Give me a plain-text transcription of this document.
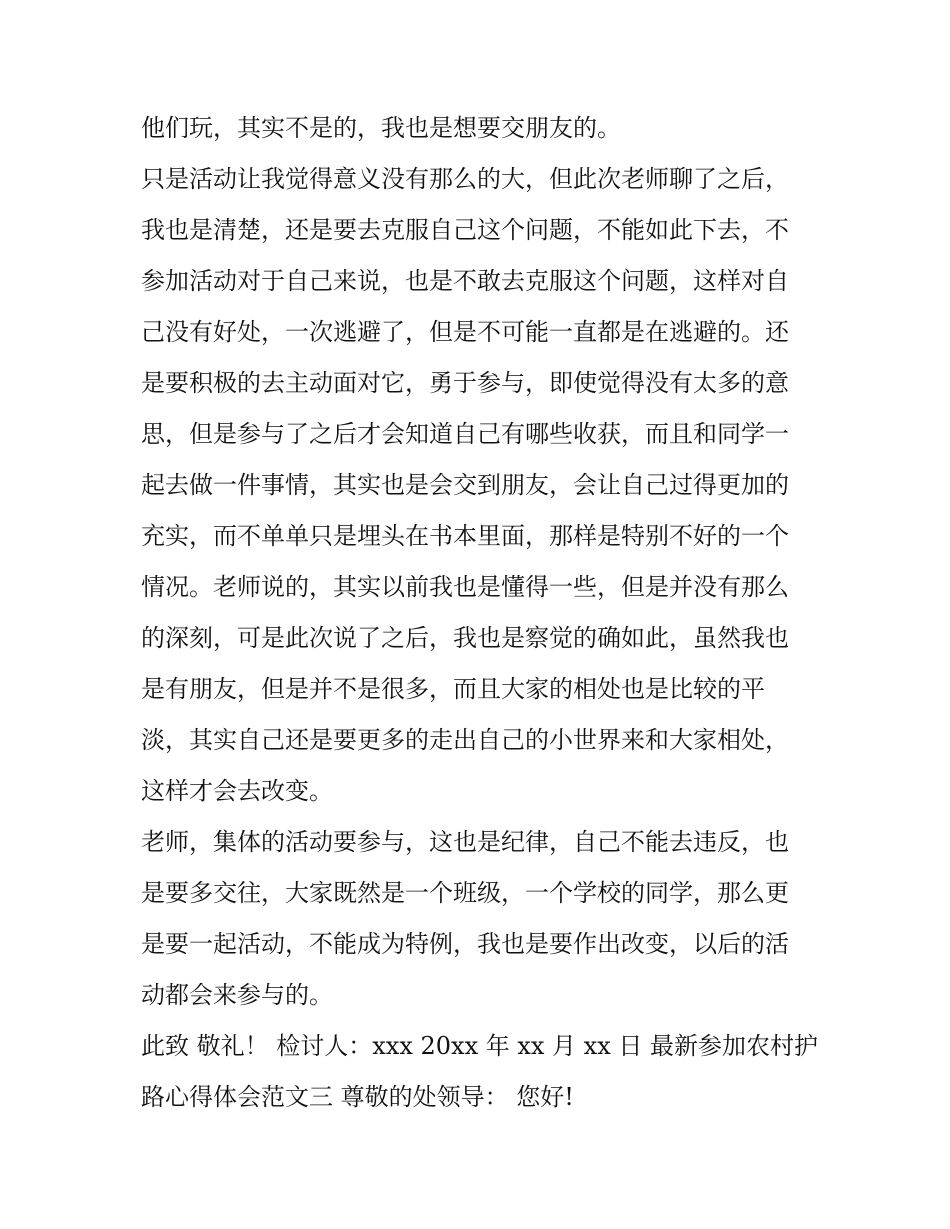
他们玩，其实不是的，我也是想要交朋友的。

只是活动让我觉得意义没有那么的大，但此次老师聊了之后，

我也是清楚，还是要去克服自己这个问题，不能如此下去，不

参加活动对于自己来说，也是不敢去克服这个问题，这样对自

己没有好处，一次逃避了，但是不可能一直都是在逃避的。还

是要积极的去主动面对它，勇于参与，即使觉得没有太多的意

思，但是参与了之后才会知道自己有哪些收获，而且和同学一

起去做一件事情，其实也是会交到朋友，会让自己过得更加的

充实，而不单单只是埋头在书本里面，那样是特别不好的一个

情况。老师说的，其实以前我也是懂得一些，但是并没有那么

的深刻，可是此次说了之后，我也是察觉的确如此，虽然我也

是有朋友，但是并不是很多，而且大家的相处也是比较的平

淡，其实自己还是要更多的走出自己的小世界来和大家相处，

这样才会去改变。

老师，集体的活动要参与，这也是纪律，自己不能去违反，也

是要多交往，大家既然是一个班级，一个学校的同学，那么更

是要一起活动，不能成为特例，我也是要作出改变，以后的活

动都会来参与的。

此致 敬礼！ 检讨人：xxx 20xx 年 xx 月 xx 日 最新参加农村护

路心得体会范文三 尊敬的处领导： 您好!
